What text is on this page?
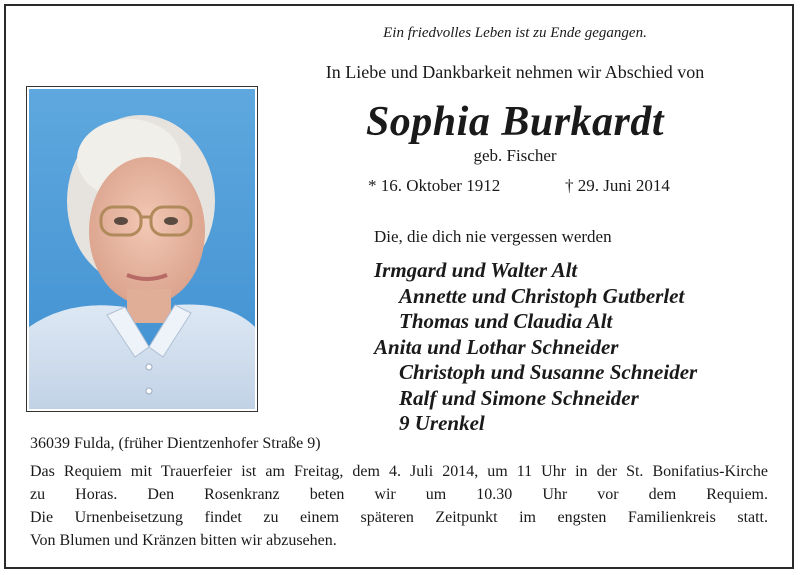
Ein friedvolles Leben ist zu Ende gegangen.
In Liebe und Dankbarkeit nehmen wir Abschied von
Sophia Burkardt
geb. Fischer
* 16. Oktober 1912	† 29. Juni 2014
Die, die dich nie vergessen werden
Irmgard und Walter Alt
Annette und Christoph Gutberlet
Thomas und Claudia Alt
Anita und Lothar Schneider
Christoph und Susanne Schneider
Ralf und Simone Schneider
9 Urenkel
36039 Fulda, (früher Dientzenhofer Straße 9)
Das Requiem mit Trauerfeier ist am Freitag, dem 4. Juli 2014, um 11 Uhr in der St. Bonifatius-Kirche
zu Horas. Den Rosenkranz beten wir um 10.30 Uhr vor dem Requiem.
Die Urnenbeisetzung findet zu einem späteren Zeitpunkt im engsten Familienkreis statt.
Von Blumen und Kränzen bitten wir abzusehen.
